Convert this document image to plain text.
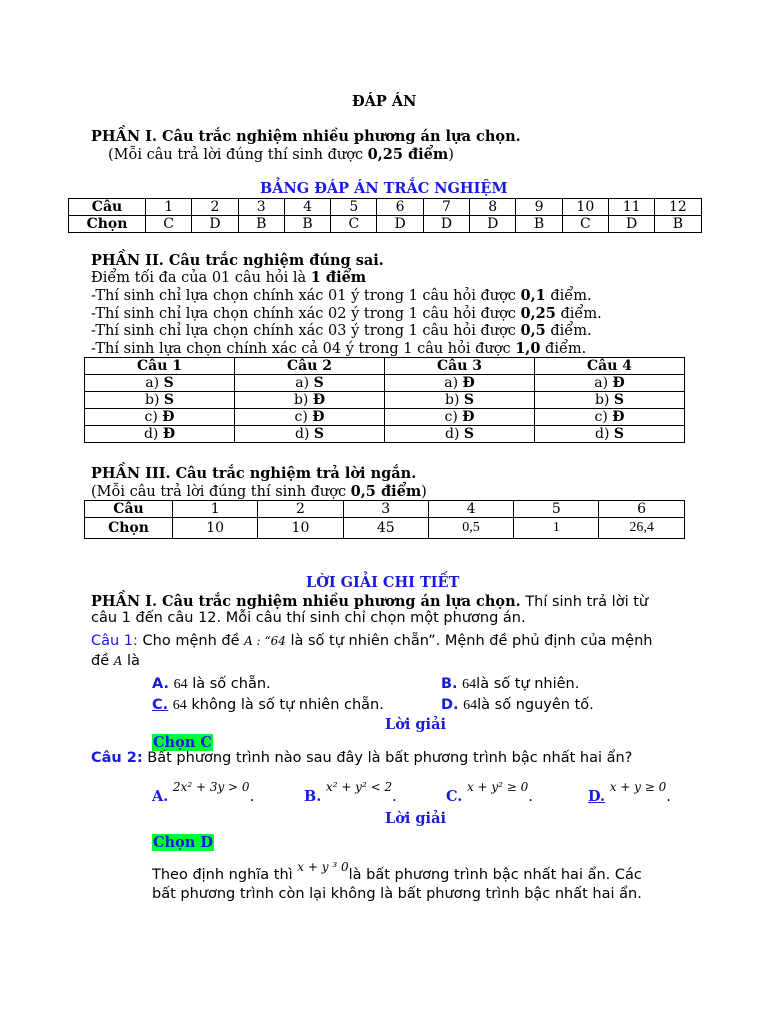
ĐÁP ÁN
PHẦN I. Câu trắc nghiệm nhiều phương án lựa chọn.
(Mỗi câu trả lời đúng thí sinh được 0,25 điểm)
BẢNG ĐÁP ÁN TRẮC NGHIỆM
Câu	1	2	3	4	5	6	7	8	9	10	11	12
Chọn	C	D	B	B	C	D	D	D	B	C	D	B
PHẦN II. Câu trắc nghiệm đúng sai.
Điểm tối đa của 01 câu hỏi là 1 điểm
-Thí sinh chỉ lựa chọn chính xác 01 ý trong 1 câu hỏi được 0,1 điểm.
-Thí sinh chỉ lựa chọn chính xác 02 ý trong 1 câu hỏi được 0,25 điểm.
-Thí sinh chỉ lựa chọn chính xác 03 ý trong 1 câu hỏi được 0,5 điểm.
-Thí sinh lựa chọn chính xác cả 04 ý trong 1 câu hỏi được 1,0 điểm.
Câu 1	Câu 2	Câu 3	Câu 4
a) S	a) S	a) Đ	a) Đ
b) S	b) Đ	b) S	b) S
c) Đ	c) Đ	c) Đ	c) Đ
d) Đ	d) S	d) S	d) S
PHẦN III. Câu trắc nghiệm trả lời ngắn.
(Mỗi câu trả lời đúng thí sinh được 0,5 điểm)
Câu	1	2	3	4	5	6
Chọn	10	10	45	0,5	1	26,4
LỜI GIẢI CHI TIẾT
PHẦN I. Câu trắc nghiệm nhiều phương án lựa chọn. Thí sinh trả lời từ
câu 1 đến câu 12. Mỗi câu thí sinh chỉ chọn một phương án.
Câu 1: Cho mệnh đề A : “64 là số tự nhiên chẵn”. Mệnh đề phủ định của mệnh
đề A là
A. 64 là số chẵn.	B. 64là số tự nhiên.
C. 64 không là số tự nhiên chẵn.	D. 64là số nguyên tố.
Lời giải
Chọn C
Câu 2: Bất phương trình nào sau đây là bất phương trình bậc nhất hai ẩn?
A. 2x² + 3y > 0.	B. x² + y² < 2.	C. x + y² ≥ 0.	D. x + y ≥ 0.
Lời giải
Chọn D
Theo định nghĩa thì $^{x + y ^3 0}$là bất phương trình bậc nhất hai ẩn. Các
bất phương trình còn lại không là bất phương trình bậc nhất hai ẩn.
